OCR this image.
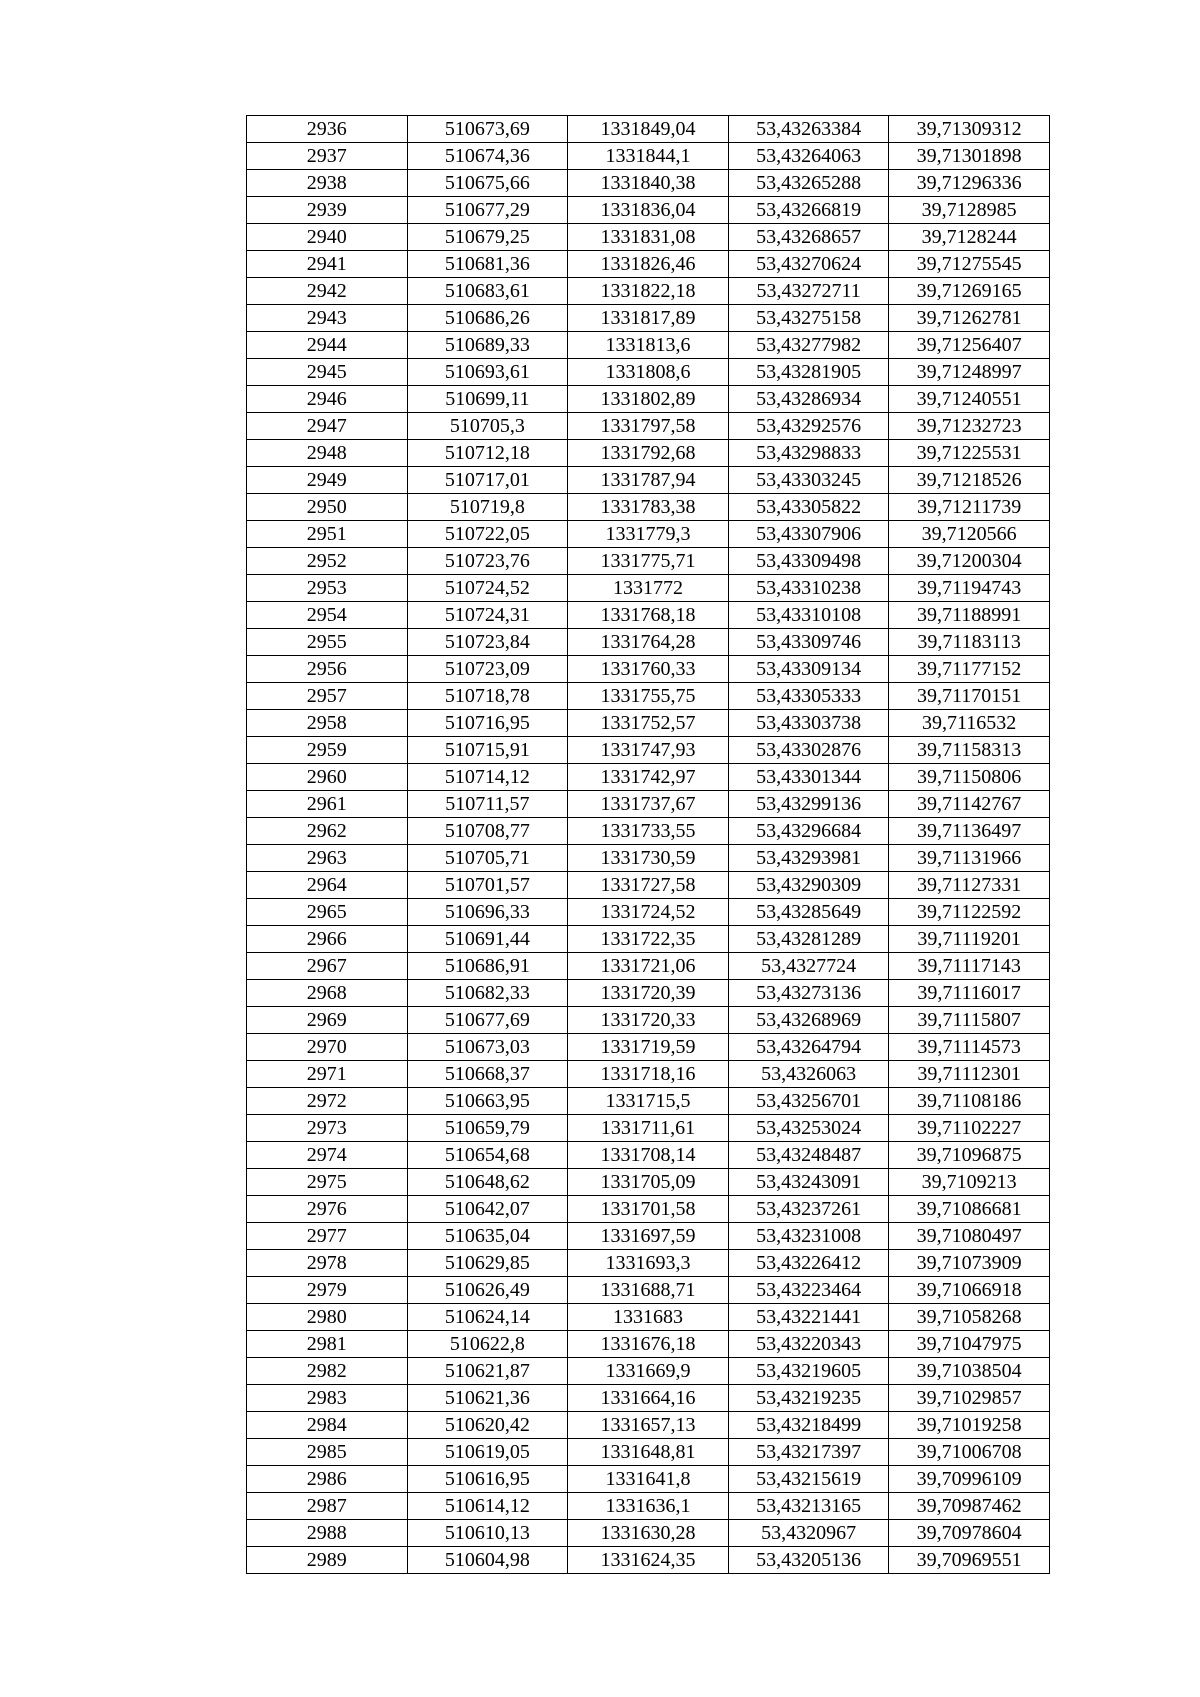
2936	510673,69	1331849,04	53,43263384	39,71309312
2937	510674,36	1331844,1	53,43264063	39,71301898
2938	510675,66	1331840,38	53,43265288	39,71296336
2939	510677,29	1331836,04	53,43266819	39,7128985
2940	510679,25	1331831,08	53,43268657	39,7128244
2941	510681,36	1331826,46	53,43270624	39,71275545
2942	510683,61	1331822,18	53,43272711	39,71269165
2943	510686,26	1331817,89	53,43275158	39,71262781
2944	510689,33	1331813,6	53,43277982	39,71256407
2945	510693,61	1331808,6	53,43281905	39,71248997
2946	510699,11	1331802,89	53,43286934	39,71240551
2947	510705,3	1331797,58	53,43292576	39,71232723
2948	510712,18	1331792,68	53,43298833	39,71225531
2949	510717,01	1331787,94	53,43303245	39,71218526
2950	510719,8	1331783,38	53,43305822	39,71211739
2951	510722,05	1331779,3	53,43307906	39,7120566
2952	510723,76	1331775,71	53,43309498	39,71200304
2953	510724,52	1331772	53,43310238	39,71194743
2954	510724,31	1331768,18	53,43310108	39,71188991
2955	510723,84	1331764,28	53,43309746	39,71183113
2956	510723,09	1331760,33	53,43309134	39,71177152
2957	510718,78	1331755,75	53,43305333	39,71170151
2958	510716,95	1331752,57	53,43303738	39,7116532
2959	510715,91	1331747,93	53,43302876	39,71158313
2960	510714,12	1331742,97	53,43301344	39,71150806
2961	510711,57	1331737,67	53,43299136	39,71142767
2962	510708,77	1331733,55	53,43296684	39,71136497
2963	510705,71	1331730,59	53,43293981	39,71131966
2964	510701,57	1331727,58	53,43290309	39,71127331
2965	510696,33	1331724,52	53,43285649	39,71122592
2966	510691,44	1331722,35	53,43281289	39,71119201
2967	510686,91	1331721,06	53,4327724	39,71117143
2968	510682,33	1331720,39	53,43273136	39,71116017
2969	510677,69	1331720,33	53,43268969	39,71115807
2970	510673,03	1331719,59	53,43264794	39,71114573
2971	510668,37	1331718,16	53,4326063	39,71112301
2972	510663,95	1331715,5	53,43256701	39,71108186
2973	510659,79	1331711,61	53,43253024	39,71102227
2974	510654,68	1331708,14	53,43248487	39,71096875
2975	510648,62	1331705,09	53,43243091	39,7109213
2976	510642,07	1331701,58	53,43237261	39,71086681
2977	510635,04	1331697,59	53,43231008	39,71080497
2978	510629,85	1331693,3	53,43226412	39,71073909
2979	510626,49	1331688,71	53,43223464	39,71066918
2980	510624,14	1331683	53,43221441	39,71058268
2981	510622,8	1331676,18	53,43220343	39,71047975
2982	510621,87	1331669,9	53,43219605	39,71038504
2983	510621,36	1331664,16	53,43219235	39,71029857
2984	510620,42	1331657,13	53,43218499	39,71019258
2985	510619,05	1331648,81	53,43217397	39,71006708
2986	510616,95	1331641,8	53,43215619	39,70996109
2987	510614,12	1331636,1	53,43213165	39,70987462
2988	510610,13	1331630,28	53,4320967	39,70978604
2989	510604,98	1331624,35	53,43205136	39,70969551
